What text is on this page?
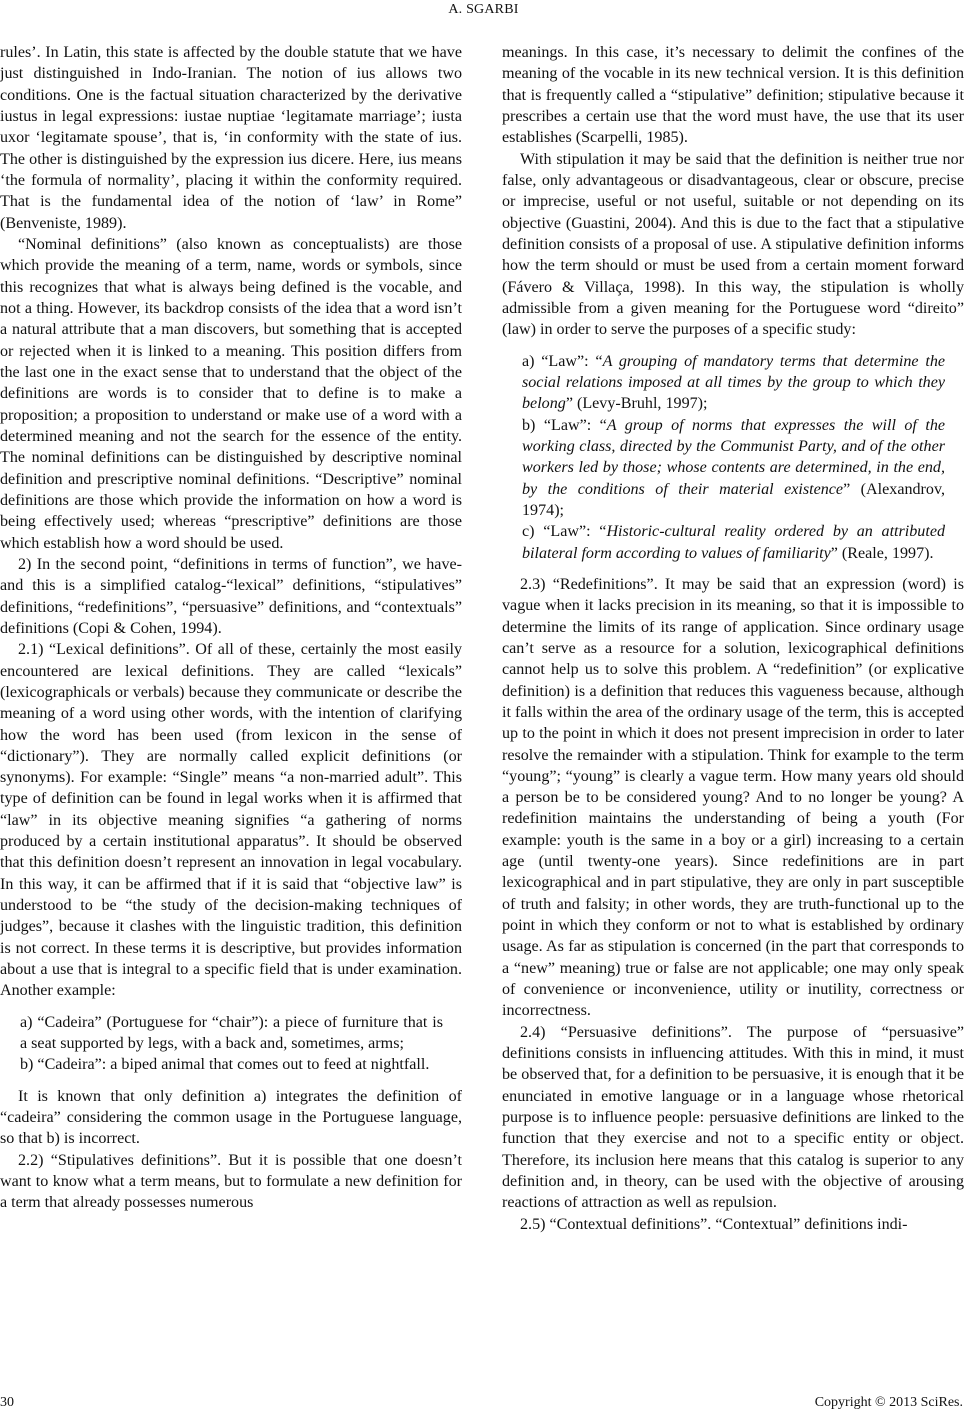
A. SGARBI

rules’. In Latin, this state is affected by the double statute that we have just distinguished in Indo-Iranian. The notion of ius allows two conditions. One is the factual situation characterized by the derivative iustus in legal expressions: iustae nuptiae ‘legitamate marriage’; iusta uxor ‘legitamate spouse’, that is, ‘in conformity with the state of ius. The other is distinguished by the expression ius dicere. Here, ius means ‘the formula of normality’, placing it within the conformity required. That is the fundamental idea of the notion of ‘law’ in Rome” (Benveniste, 1989).

“Nominal definitions” (also known as conceptualists) are those which provide the meaning of a term, name, words or symbols, since this recognizes that what is always being defined is the vocable, and not a thing. However, its backdrop consists of the idea that a word isn’t a natural attribute that a man discovers, but something that is accepted or rejected when it is linked to a meaning. This position differs from the last one in the exact sense that to understand that the object of the definitions are words is to consider that to define is to make a proposition; a proposition to understand or make use of a word with a determined meaning and not the search for the essence of the entity. The nominal definitions can be distinguished by descriptive nominal definition and prescriptive nominal definitions. “Descriptive” nominal definitions are those which provide the information on how a word is being effectively used; whereas “prescriptive” definitions are those which establish how a word should be used.

2) In the second point, “definitions in terms of function”, we have-and this is a simplified catalog-“lexical” definitions, “stipulatives” definitions, “redefinitions”, “persuasive” definitions, and “contextuals” definitions (Copi & Cohen, 1994).

2.1) “Lexical definitions”. Of all of these, certainly the most easily encountered are lexical definitions. They are called “lexicals” (lexicographicals or verbals) because they communicate or describe the meaning of a word using other words, with the intention of clarifying how the word has been used (from lexicon in the sense of “dictionary”). They are normally called explicit definitions (or synonyms). For example: “Single” means “a non-married adult”. This type of definition can be found in legal works when it is affirmed that “law” in its objective meaning signifies “a gathering of norms produced by a certain institutional apparatus”. It should be observed that this definition doesn’t represent an innovation in legal vocabulary. In this way, it can be affirmed that if it is said that “objective law” is understood to be “the study of the decision-making techniques of judges”, because it clashes with the linguistic tradition, this definition is not correct. In these terms it is descriptive, but provides information about a use that is integral to a specific field that is under examination. Another example:

a) “Cadeira” (Portuguese for “chair”): a piece of furniture that is a seat supported by legs, with a back and, sometimes, arms;

b) “Cadeira”: a biped animal that comes out to feed at nightfall.

It is known that only definition a) integrates the definition of “cadeira” considering the common usage in the Portuguese language, so that b) is incorrect.

2.2) “Stipulatives definitions”. But it is possible that one doesn’t want to know what a term means, but to formulate a new definition for a term that already possesses numerous

meanings. In this case, it’s necessary to delimit the confines of the meaning of the vocable in its new technical version. It is this definition that is frequently called a “stipulative” definition; stipulative because it prescribes a certain use that the word must have, the use that its user establishes (Scarpelli, 1985).

With stipulation it may be said that the definition is neither true nor false, only advantageous or disadvantageous, clear or obscure, precise or imprecise, useful or not useful, suitable or not depending on its objective (Guastini, 2004). And this is due to the fact that a stipulative definition consists of a proposal of use. A stipulative definition informs how the term should or must be used from a certain moment forward (Fávero & Villaça, 1998). In this way, the stipulation is wholly admissible from a given meaning for the Portuguese word “direito” (law) in order to serve the purposes of a specific study:

a) “Law”: “A grouping of mandatory terms that determine the social relations imposed at all times by the group to which they belong” (Levy-Bruhl, 1997);

b) “Law”: “A group of norms that expresses the will of the working class, directed by the Communist Party, and of the other workers led by those; whose contents are determined, in the end, by the conditions of their material existence” (Alexandrov, 1974);

c) “Law”: “Historic-cultural reality ordered by an attributed bilateral form according to values of familiarity” (Reale, 1997).

2.3) “Redefinitions”. It may be said that an expression (word) is vague when it lacks precision in its meaning, so that it is impossible to determine the limits of its range of application. Since ordinary usage can’t serve as a resource for a solution, lexicographical definitions cannot help us to solve this problem. A “redefinition” (or explicative definition) is a definition that reduces this vagueness because, although it falls within the area of the ordinary usage of the term, this is accepted up to the point in which it does not present imprecision in order to later resolve the remainder with a stipulation. Think for example to the term “young”; “young” is clearly a vague term. How many years old should a person be to be considered young? And to no longer be young? A redefinition maintains the understanding of being a youth (For example: youth is the same in a boy or a girl) increasing to a certain age (until twenty-one years). Since redefinitions are in part lexicographical and in part stipulative, they are only in part susceptible of truth and falsity; in other words, they are truth-functional up to the point in which they conform or not to what is established by ordinary usage. As far as stipulation is concerned (in the part that corresponds to a “new” meaning) true or false are not applicable; one may only speak of convenience or inconvenience, utility or inutility, correctness or incorrectness.

2.4) “Persuasive definitions”. The purpose of “persuasive” definitions consists in influencing attitudes. With this in mind, it must be observed that, for a definition to be persuasive, it is enough that it be enunciated in emotive language or in a language whose rhetorical purpose is to influence people: persuasive definitions are linked to the function that they exercise and not to a specific entity or object. Therefore, its inclusion here means that this catalog is superior to any definition and, in theory, can be used with the objective of arousing reactions of attraction as well as repulsion.

2.5) “Contextual definitions”. “Contextual” definitions indi-

30	Copyright © 2013 SciRes.
